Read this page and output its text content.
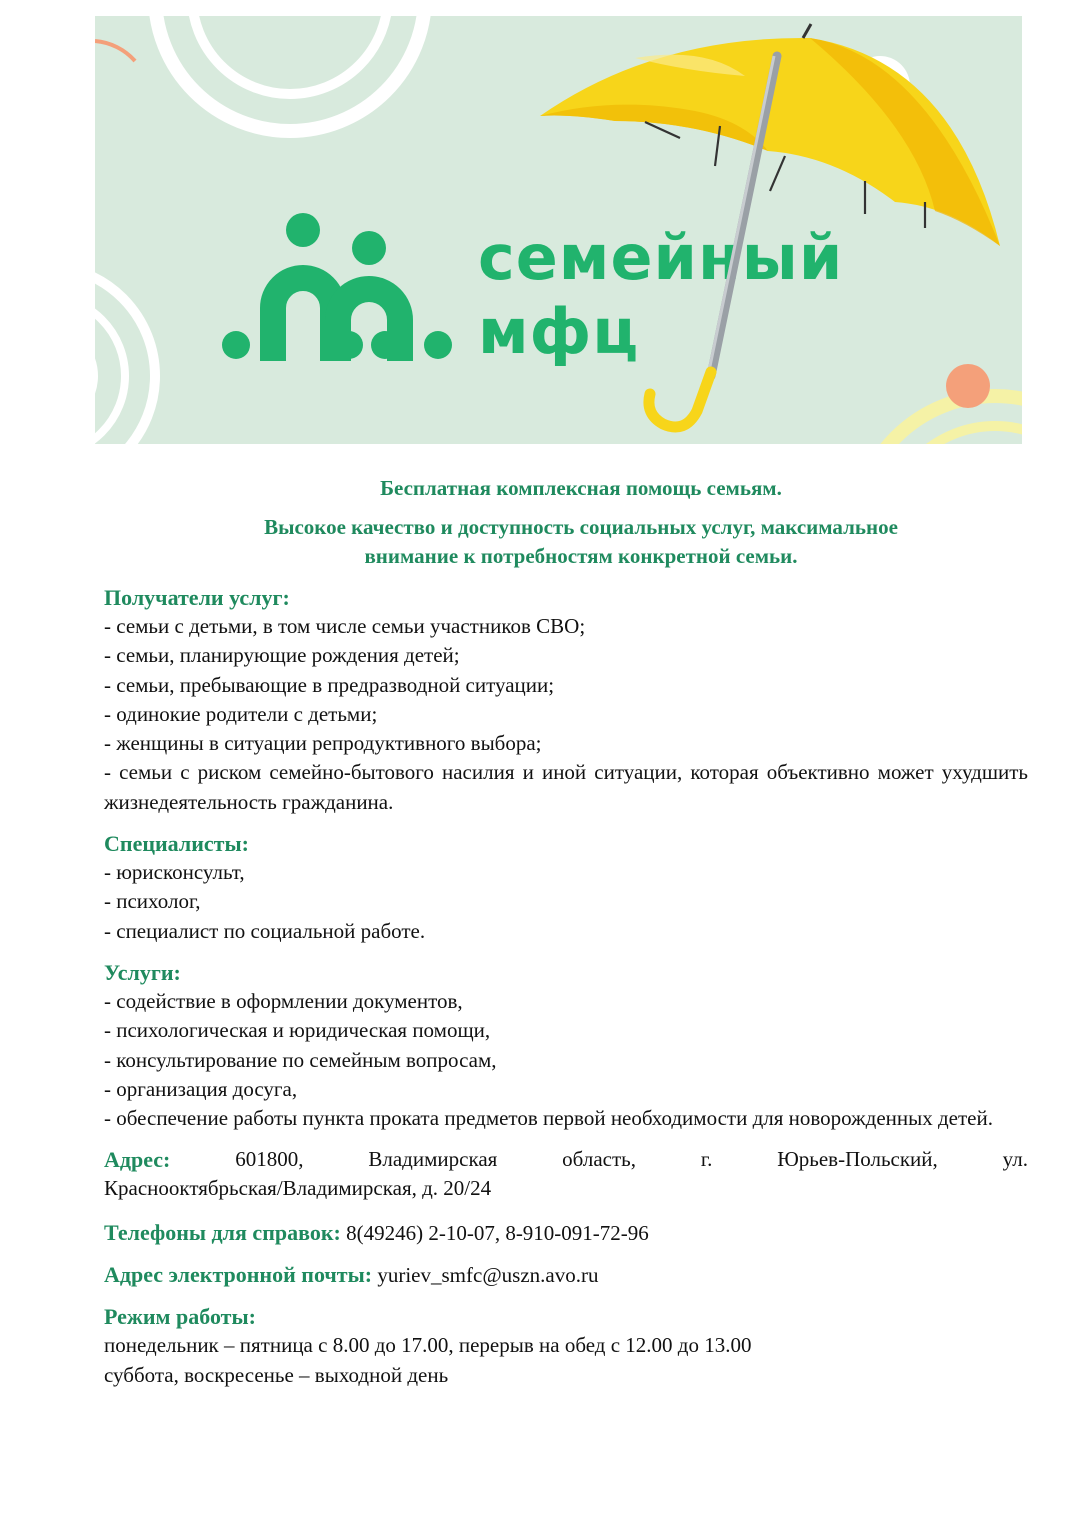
семейный
мфц
Бесплатная комплексная помощь семьям.
Высокое качество и доступность социальных услуг, максимальное
внимание к потребностям конкретной семьи.
Получатели услуг:
- семьи с детьми, в том числе семьи участников СВО;
- семьи, планирующие рождения детей;
- семьи, пребывающие в предразводной ситуации;
- одинокие родители с детьми;
- женщины в ситуации репродуктивного выбора;
- семьи с риском семейно-бытового насилия и иной ситуации, которая объективно может ухудшить жизнедеятельность гражданина.
Специалисты:
- юрисконсульт,
- психолог,
- специалист по социальной работе.
Услуги:
- содействие в оформлении документов,
- психологическая и юридическая помощи,
- консультирование по семейным вопросам,
- организация досуга,
- обеспечение работы пункта проката предметов первой необходимости для новорожденных детей.
Адрес:	601800,	Владимирская	область,	г.	Юрьев-Польский,	ул.
Краснооктябрьская/Владимирская, д. 20/24
Телефоны для справок: 8(49246) 2-10-07, 8-910-091-72-96
Адрес электронной почты: yuriev_smfc@uszn.avo.ru
Режим работы:
понедельник – пятница с 8.00 до 17.00, перерыв на обед с 12.00 до 13.00
суббота, воскресенье – выходной день
